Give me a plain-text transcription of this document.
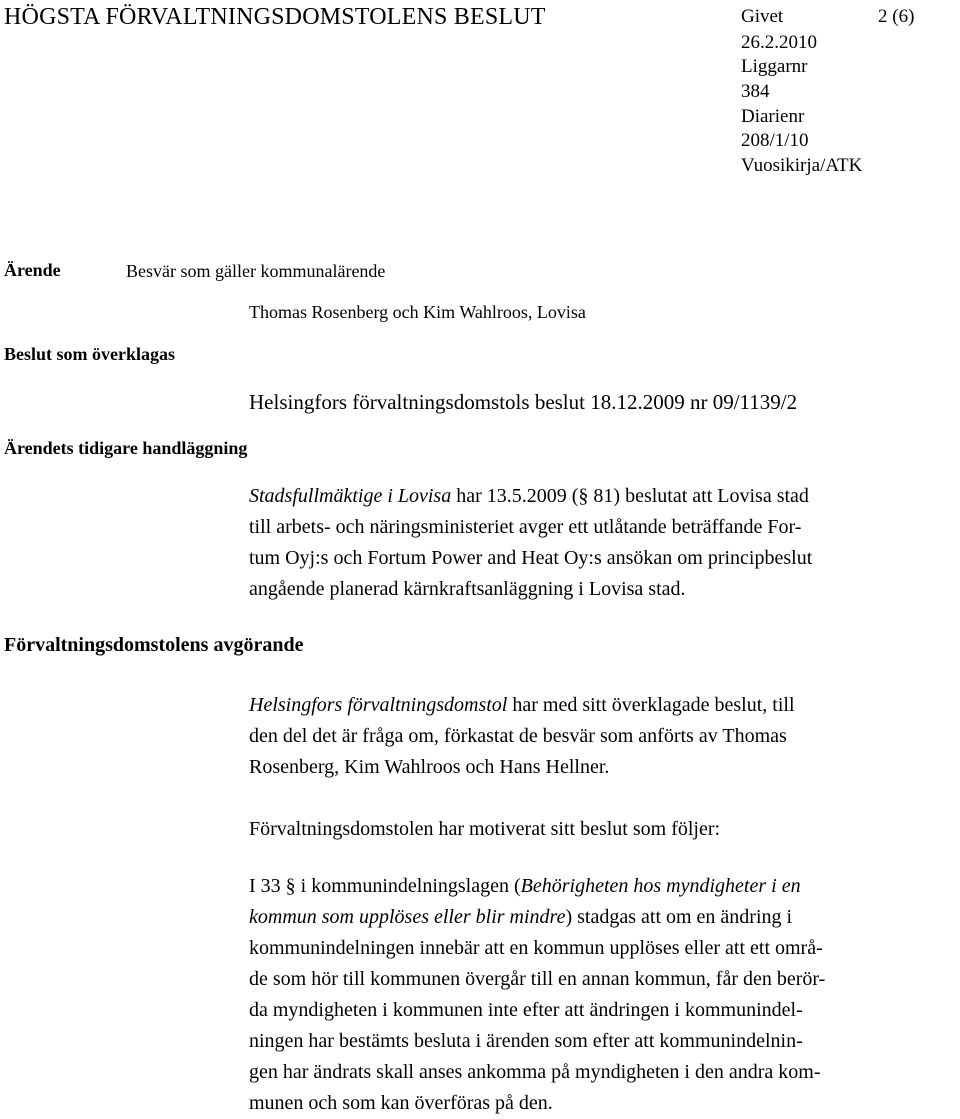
HÖGSTA FÖRVALTNINGSDOMSTOLENS BESLUT	2 (6)
Givet
26.2.2010
Liggarnr
384
Diarienr
208/1/10
Vuosikirja/ATK
Ärende	Besvär som gäller kommunalärende
Thomas Rosenberg och Kim Wahlroos, Lovisa
Beslut som överklagas
Helsingfors förvaltningsdomstols beslut 18.12.2009 nr 09/1139/2
Ärendets tidigare handläggning
Stadsfullmäktige i Lovisa har 13.5.2009 (§ 81) beslutat att Lovisa stad
till arbets- och näringsministeriet avger ett utlåtande beträffande For-
tum Oyj:s och Fortum Power and Heat Oy:s ansökan om principbeslut
angående planerad kärnkraftsanläggning i Lovisa stad.
Förvaltningsdomstolens avgörande
Helsingfors förvaltningsdomstol har med sitt överklagade beslut, till
den del det är fråga om, förkastat de besvär som anförts av Thomas
Rosenberg, Kim Wahlroos och Hans Hellner.
Förvaltningsdomstolen har motiverat sitt beslut som följer:
I 33 § i kommunindelningslagen (Behörigheten hos myndigheter i en
kommun som upplöses eller blir mindre) stadgas att om en ändring i
kommunindelningen innebär att en kommun upplöses eller att ett områ-
de som hör till kommunen övergår till en annan kommun, får den berör-
da myndigheten i kommunen inte efter att ändringen i kommunindel-
ningen har bestämts besluta i ärenden som efter att kommunindelnin-
gen har ändrats skall anses ankomma på myndigheten i den andra kom-
munen och som kan överföras på den.
